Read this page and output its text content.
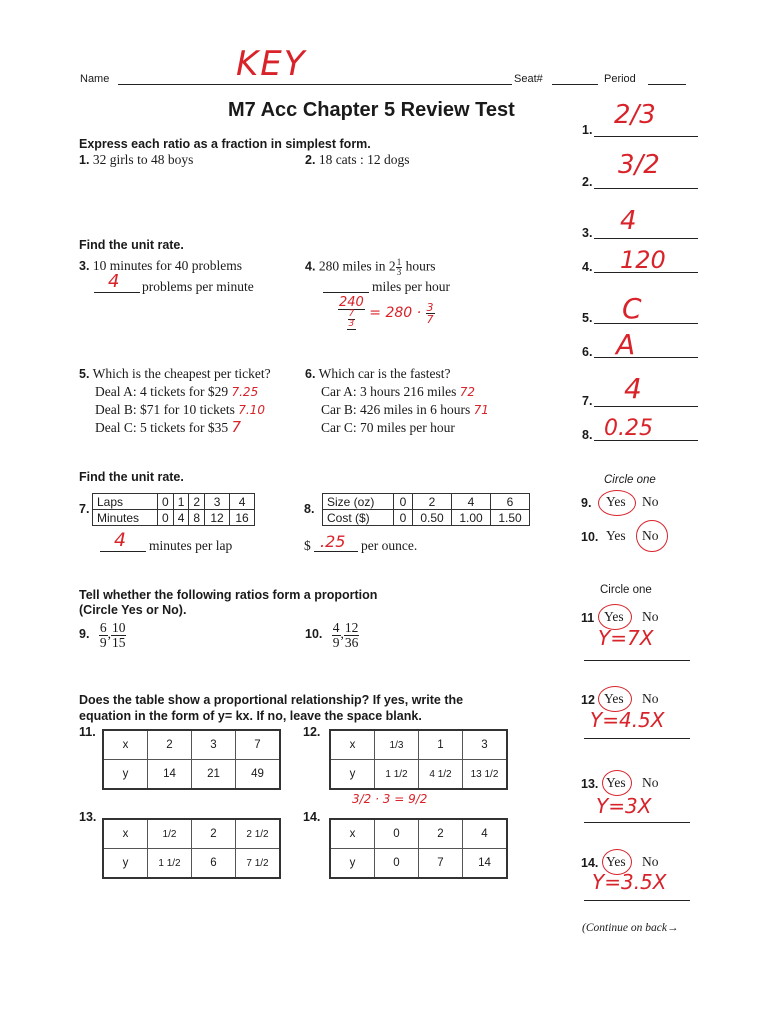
Name	KEY	Seat#	Period
M7 Acc Chapter 5 Review Test
Express each ratio as a fraction in simplest form.
1. 32 girls to 48 boys	2. 18 cats : 12 dogs
Find the unit rate.
3. 10 minutes for 40 problems
4 problems per minute
4. 280 miles in $2 \frac{1}{3}$ hours
miles per hour
$\frac{240}{\frac{7}{3}} = 280 \cdot \frac{3}{7}$
5. Which is the cheapest per ticket?
Deal A: 4 tickets for $29 7.25
Deal B: $71 for 10 tickets 7.10
Deal C: 5 tickets for $35 7
6. Which car is the fastest?
Car A: 3 hours 216 miles 72
Car B: 426 miles in 6 hours 71
Car C: 70 miles per hour
Find the unit rate.
7.
Laps	0	1	2	3	4
Minutes	0	4	8	12	16
4 minutes per lap
8.
Size (oz)	0	2	4	6
Cost ($)	0	0.50	1.00	1.50
$ .25 per ounce.
Tell whether the following ratios form a proportion
(Circle Yes or No).
9. $\frac{6}{9}$ , $\frac{10}{15}$	10. $\frac{4}{9}$ , $\frac{12}{36}$
Does the table show a proportional relationship? If yes, write the
equation in the form of y= kx. If no, leave the space blank.
11.
x	2	3	7
y	14	21	49
12.
x	1/3	1	3
y	1 1/2	4 1/2	13 1/2
3/2 · 3 = 9/2
13.
x	1/2	2	2 1/2
y	1 1/2	6	7 1/2
14.
x	0	2	4
y	0	7	14
1. 2/3
2.
3/2
3. 4
4. 120
5. C
6. A
7. 4
8. 0.25
Circle one
9. Yes No
10. Yes No
Circle one
11 Yes No
Y=7X
12 Yes No
Y=4.5X
13. Yes No
Y=3X
14. Yes No
Y=3.5X
(Continue on back→
